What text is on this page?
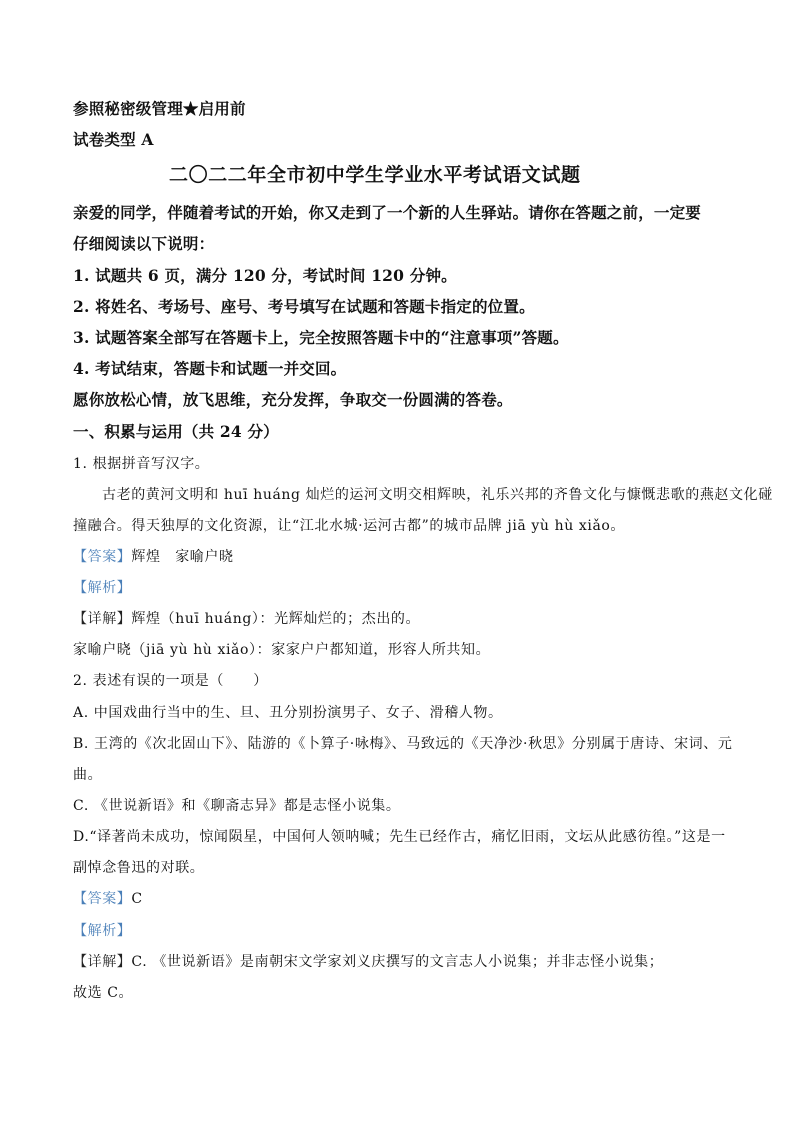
参照秘密级管理★启用前
试卷类型 A
二〇二二年全市初中学生学业水平考试语文试题
亲爱的同学，伴随着考试的开始，你又走到了一个新的人生驿站。请你在答题之前，一定要
仔细阅读以下说明：
1. 试题共 6 页，满分 120 分，考试时间 120 分钟。
2. 将姓名、考场号、座号、考号填写在试题和答题卡指定的位置。
3. 试题答案全部写在答题卡上，完全按照答题卡中的“注意事项”答题。
4. 考试结束，答题卡和试题一并交回。
愿你放松心情，放飞思维，充分发挥，争取交一份圆满的答卷。
一、积累与运用（共 24 分）
1. 根据拼音写汉字。
古老的黄河文明和 huī huáng 灿烂的运河文明交相辉映，礼乐兴邦的齐鲁文化与慷慨悲歌的燕赵文化碰
撞融合。得天独厚的文化资源，让“江北水城·运河古都”的城市品牌 jiā yù hù xiǎo。
【答案】辉煌　家喻户晓
【解析】
【详解】辉煌（huī huáng）：光辉灿烂的；杰出的。
家喻户晓（jiā yù hù xiǎo）：家家户户都知道，形容人所共知。
2. 表述有误的一项是（　　）
A. 中国戏曲行当中的生、旦、丑分别扮演男子、女子、滑稽人物。
B. 王湾的《次北固山下》、陆游的《卜算子·咏梅》、马致远的《天净沙·秋思》分别属于唐诗、宋词、元
曲。
C. 《世说新语》和《聊斋志异》都是志怪小说集。
D.“译著尚未成功，惊闻陨星，中国何人领呐喊；先生已经作古，痛忆旧雨，文坛从此感彷徨。”这是一
副悼念鲁迅的对联。
【答案】C
【解析】
【详解】C. 《世说新语》是南朝宋文学家刘义庆撰写的文言志人小说集；并非志怪小说集；
故选 C。
